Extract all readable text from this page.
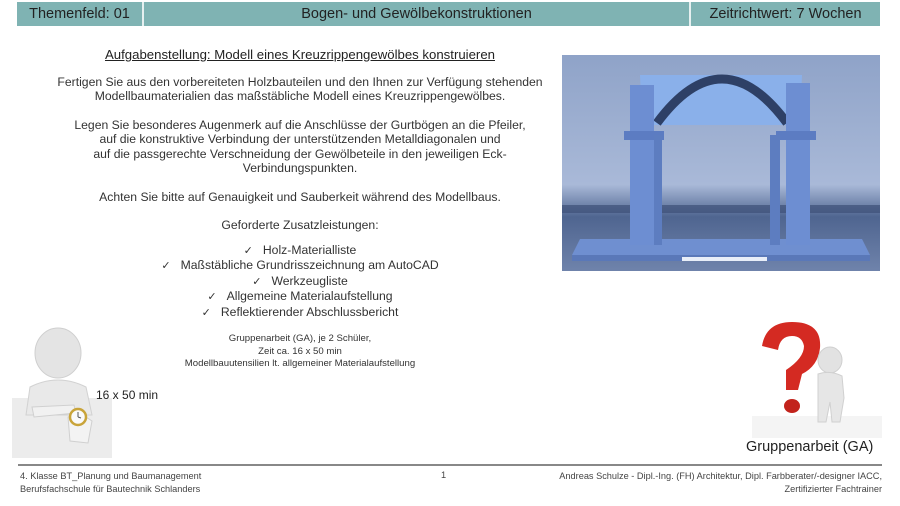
Themenfeld: 01	Bogen- und Gewölbekonstruktionen	Zeitrichtwert: 7 Wochen
Aufgabenstellung: Modell eines Kreuzrippengewölbes konstruieren
Fertigen Sie aus den vorbereiteten Holzbauteilen und den Ihnen zur Verfügung stehenden
Modellbaumaterialien das maßstäbliche Modell eines Kreuzrippengewölbes.
Legen Sie besonderes Augenmerk auf die Anschlüsse der Gurtbögen an die Pfeiler,
auf die konstruktive Verbindung der unterstützenden Metalldiagonalen und
auf die passgerechte Verschneidung der Gewölbeteile in den jeweiligen Eck-Verbindungspunkten.
Achten Sie bitte auf Genauigkeit und Sauberkeit während des Modellbaus.
Geforderte Zusatzleistungen:
✓ Holz-Materialliste
✓ Maßstäbliche Grundrisszeichnung am AutoCAD
✓ Werkzeugliste
✓ Allgemeine Materialaufstellung
✓ Reflektierender Abschlussbericht
Gruppenarbeit (GA), je 2 Schüler,
Zeit ca. 16 x 50 min
Modellbauutensilien lt. allgemeiner Materialaufstellung
16 x 50 min
Gruppenarbeit (GA)
4. Klasse BT_Planung und Baumanagement
Berufsfachschule für Bautechnik Schlanders
1	Andreas Schulze - Dipl.-Ing. (FH) Architektur, Dipl. Farbberater/-designer IACC,
Zertifizierter Fachtrainer
